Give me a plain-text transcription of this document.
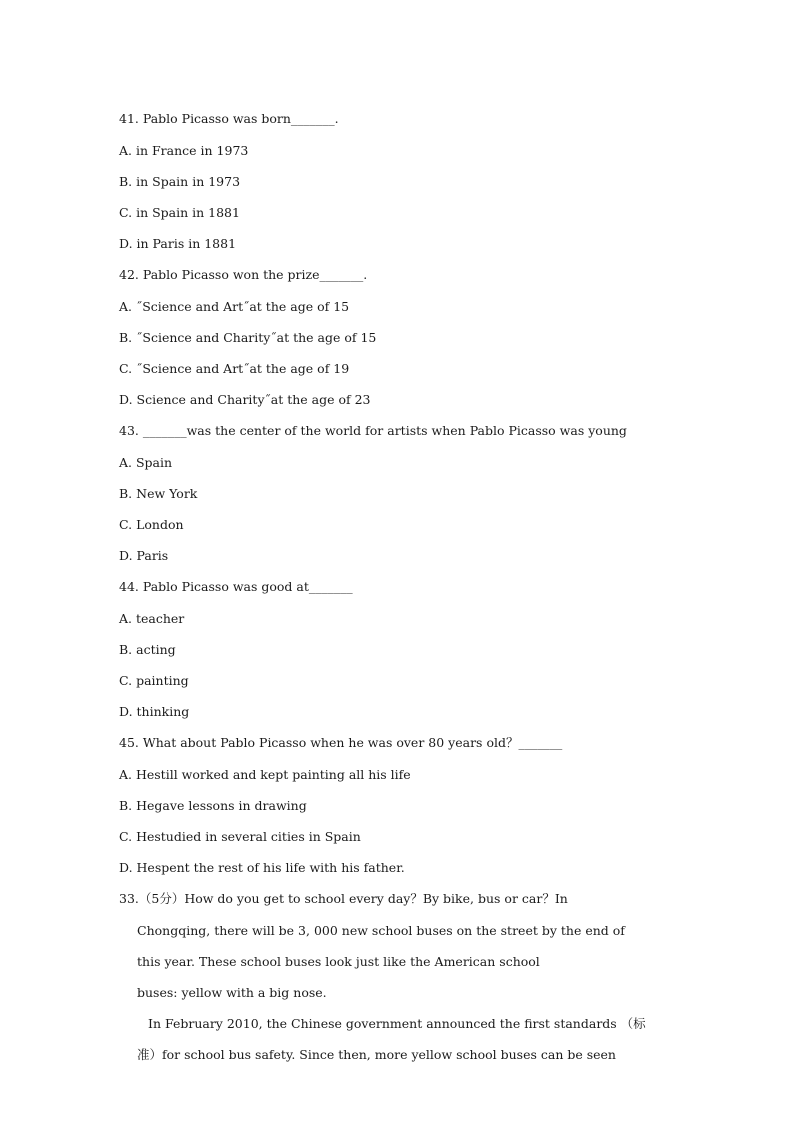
41. Pablo Picasso was born_______.
A. in France in 1973
B. in Spain in 1973
C. in Spain in 1881
D. in Paris in 1881
42. Pablo Picasso won the prize_______.
A. ˝Science and Art˝at the age of 15
B. ˝Science and Charity˝at the age of 15
C. ˝Science and Art˝at the age of 19
D. Science and Charity˝at the age of 23
43. _______was the center of the world for artists when Pablo Picasso was young
A. Spain
B. New York
C. London
D. Paris
44. Pablo Picasso was good at_______
A. teacher
B. acting
C. painting
D. thinking
45. What about Pablo Picasso when he was over 80 years old？_______
A. Hestill worked and kept painting all his life
B. Hegave lessons in drawing
C. Hestudied in several cities in Spain
D. Hespent the rest of his life with his father.
33.（5分）How do you get to school every day？By bike, bus or car？In
Chongqing, there will be 3, 000 new school buses on the street by the end of
this year. These school buses look just like the American school
buses: yellow with a big nose.
In February 2010, the Chinese government announced the first standards （标
准）for school bus safety. Since then, more yellow school buses can be seen
